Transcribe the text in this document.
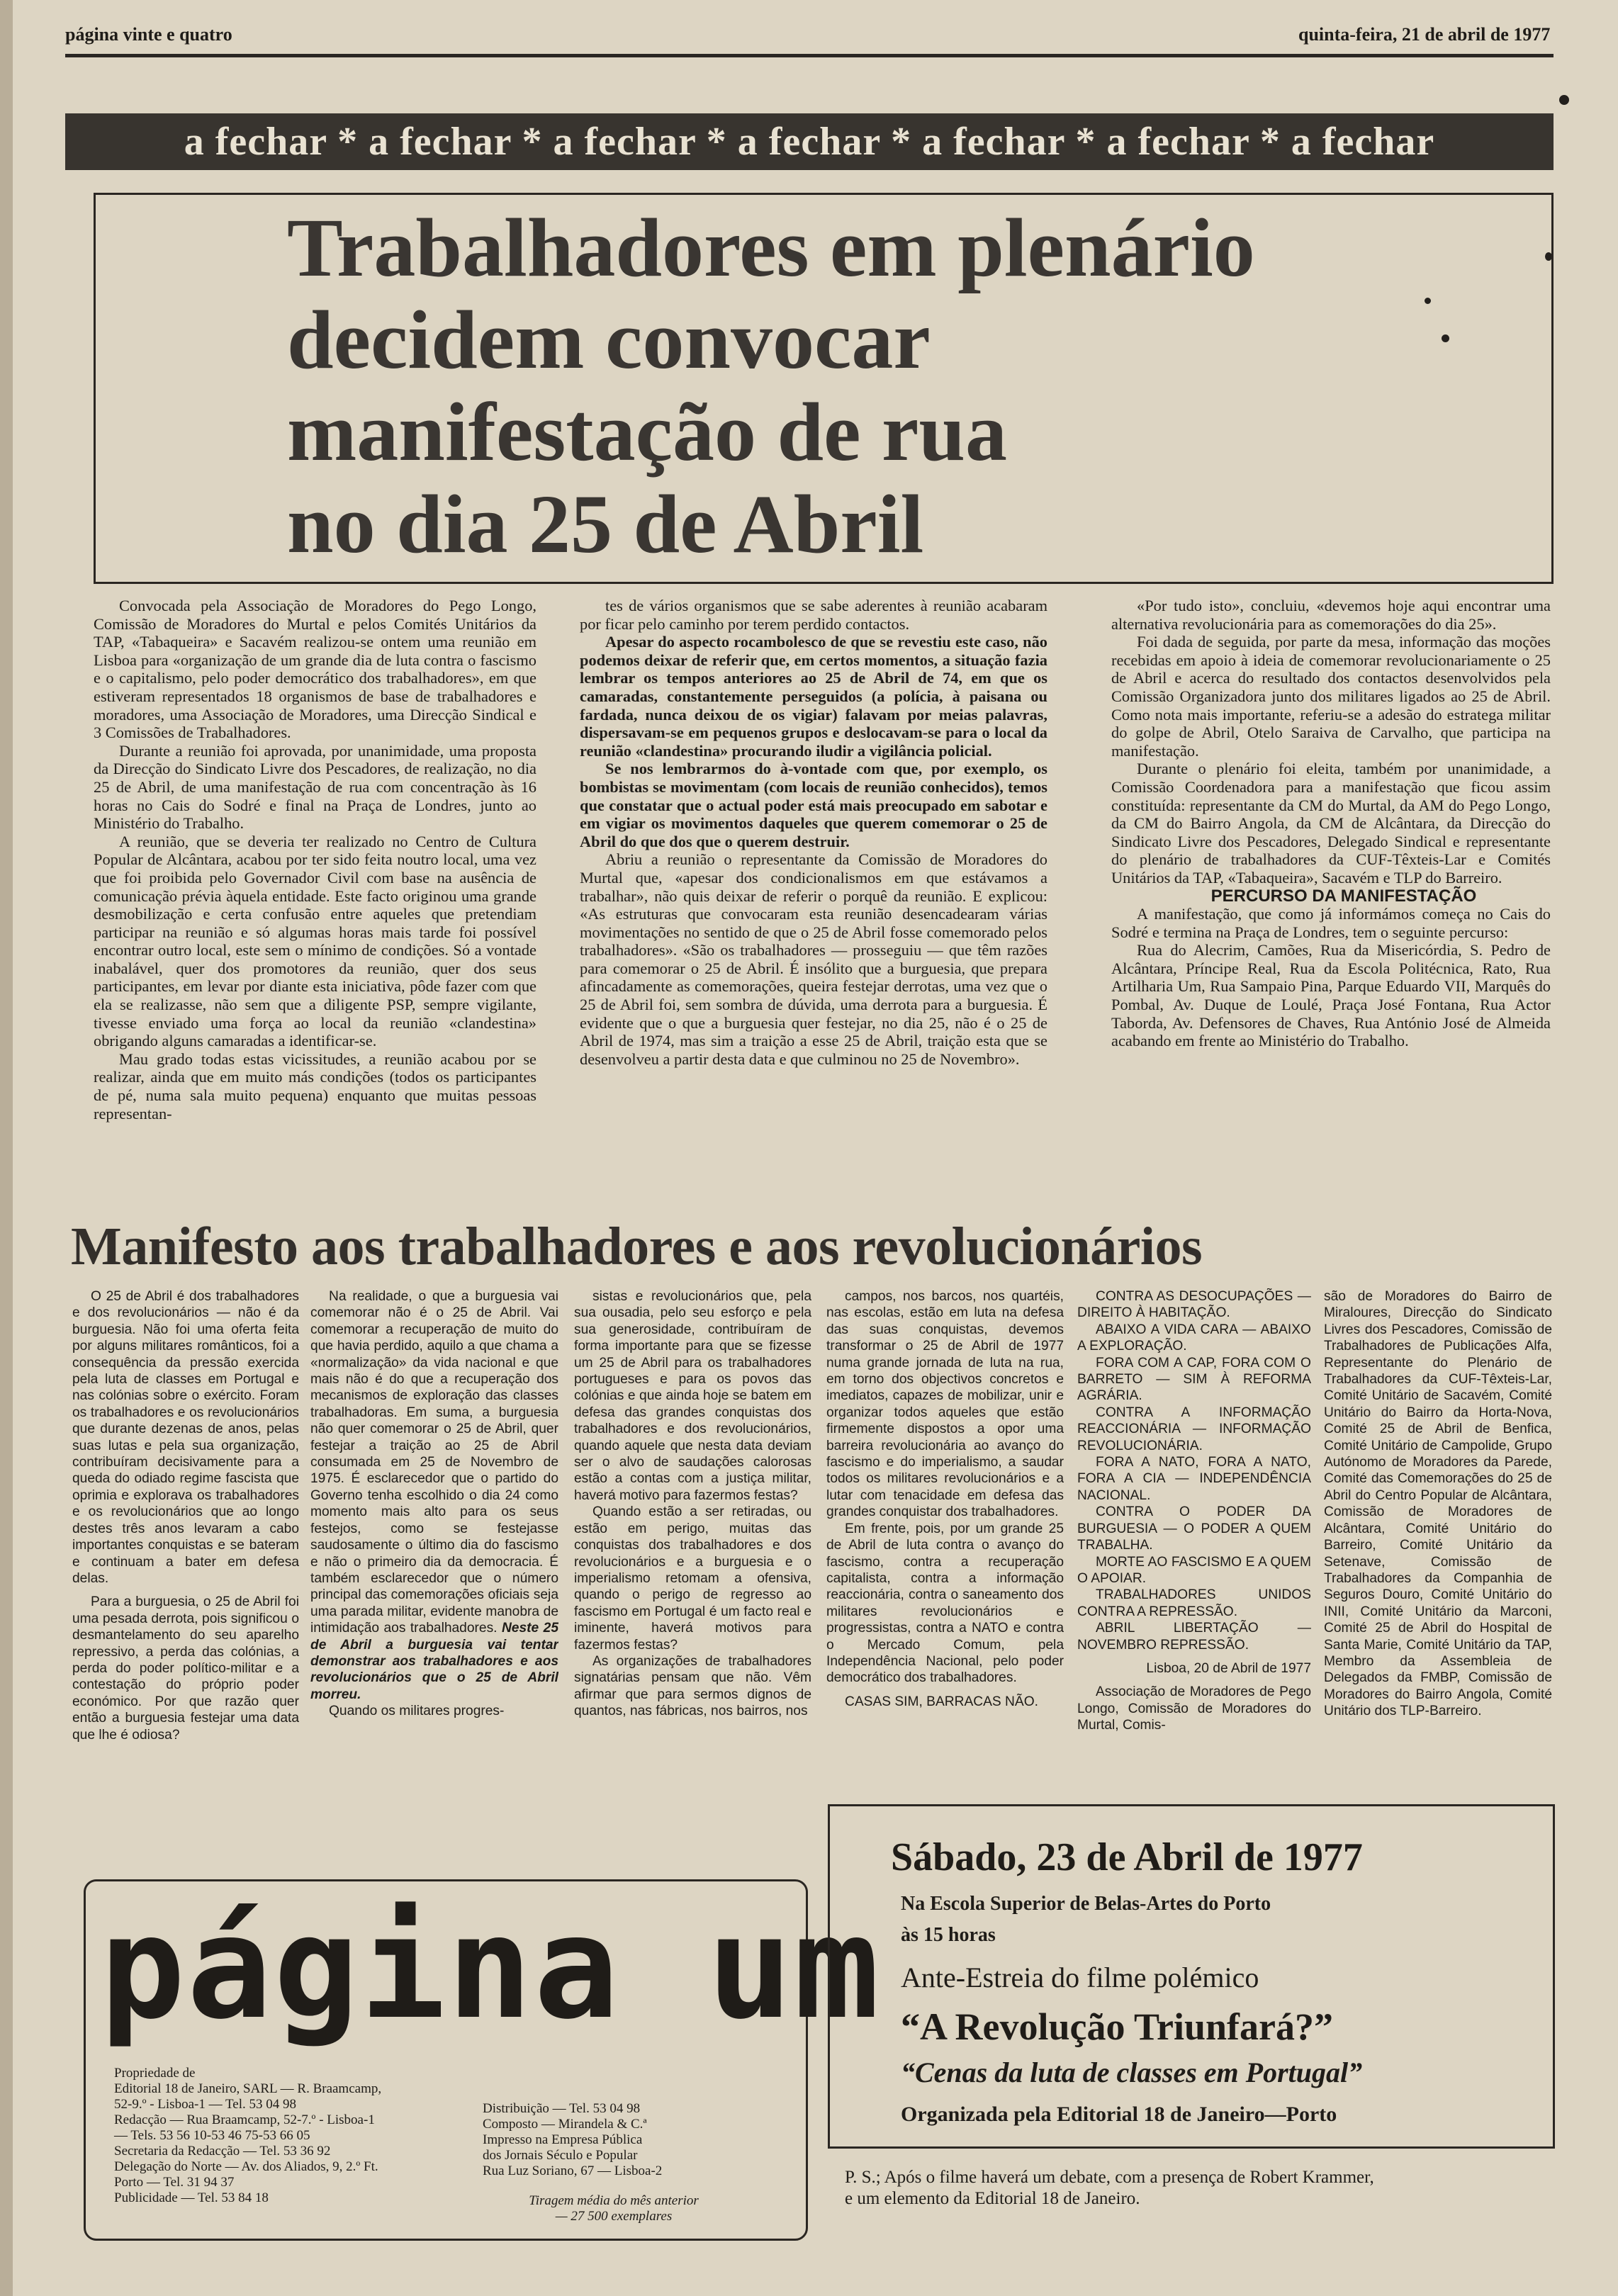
página vinte e quatro	quinta-feira, 21 de abril de 1977
a fechar * a fechar * a fechar * a fechar * a fechar * a fechar * a fechar
Trabalhadores em plenário
decidem convocar
manifestação de rua
no dia 25 de Abril

Convocada pela Associação de Moradores do Pego Longo, Comissão de Moradores do Murtal e pelos Comités Unitários da TAP, «Tabaqueira» e Sacavém realizou-se ontem uma reunião em Lisboa para «organização de um grande dia de luta contra o fascismo e o capitalismo, pelo poder democrático dos trabalhadores», em que estiveram representados 18 organismos de base de trabalhadores e moradores, uma Associação de Moradores, uma Direcção Sindical e 3 Comissões de Trabalhadores.

Durante a reunião foi aprovada, por unanimidade, uma proposta da Direcção do Sindicato Livre dos Pescadores, de realização, no dia 25 de Abril, de uma manifestação de rua com concentração às 16 horas no Cais do Sodré e final na Praça de Londres, junto ao Ministério do Trabalho.

A reunião, que se deveria ter realizado no Centro de Cultura Popular de Alcântara, acabou por ter sido feita noutro local, uma vez que foi proibida pelo Governador Civil com base na ausência de comunicação prévia àquela entidade. Este facto originou uma grande desmobilização e certa confusão entre aqueles que pretendiam participar na reunião e só algumas horas mais tarde foi possível encontrar outro local, este sem o mínimo de condições. Só a vontade inabalável, quer dos promotores da reunião, quer dos seus participantes, em levar por diante esta iniciativa, pôde fazer com que ela se realizasse, não sem que a diligente PSP, sempre vigilante, tivesse enviado uma força ao local da reunião «clandestina» obrigando alguns camaradas a identificar-se.

Mau grado todas estas vicissitudes, a reunião acabou por se realizar, ainda que em muito más condições (todos os participantes de pé, numa sala muito pequena) enquanto que muitas pessoas representan-

tes de vários organismos que se sabe aderentes à reunião acabaram por ficar pelo caminho por terem perdido contactos.

Apesar do aspecto rocambolesco de que se revestiu este caso, não podemos deixar de referir que, em certos momentos, a situação fazia lembrar os tempos anteriores ao 25 de Abril de 74, em que os camaradas, constantemente perseguidos (a polícia, à paisana ou fardada, nunca deixou de os vigiar) falavam por meias palavras, dispersavam-se em pequenos grupos e deslocavam-se para o local da reunião «clandestina» procurando iludir a vigilância policial.

Se nos lembrarmos do à-vontade com que, por exemplo, os bombistas se movimentam (com locais de reunião conhecidos), temos que constatar que o actual poder está mais preocupado em sabotar e em vigiar os movimentos daqueles que querem comemorar o 25 de Abril do que dos que o querem destruir.

Abriu a reunião o representante da Comissão de Moradores do Murtal que, «apesar dos condicionalismos em que estávamos a trabalhar», não quis deixar de referir o porquê da reunião. E explicou: «As estruturas que convocaram esta reunião desencadearam várias movimentações no sentido de que o 25 de Abril fosse comemorado pelos trabalhadores». «São os trabalhadores — prosseguiu — que têm razões para comemorar o 25 de Abril. É insólito que a burguesia, que prepara afincadamente as comemorações, queira festejar derrotas, uma vez que o 25 de Abril foi, sem sombra de dúvida, uma derrota para a burguesia. É evidente que o que a burguesia quer festejar, no dia 25, não é o 25 de Abril de 1974, mas sim a traição a esse 25 de Abril, traição esta que se desenvolveu a partir desta data e que culminou no 25 de Novembro».

«Por tudo isto», concluiu, «devemos hoje aqui encontrar uma alternativa revolucionária para as comemorações do dia 25».

Foi dada de seguida, por parte da mesa, informação das moções recebidas em apoio à ideia de comemorar revolucionariamente o 25 de Abril e acerca do resultado dos contactos desenvolvidos pela Comissão Organizadora junto dos militares ligados ao 25 de Abril. Como nota mais importante, referiu-se a adesão do estratega militar do golpe de Abril, Otelo Saraiva de Carvalho, que participa na manifestação.

Durante o plenário foi eleita, também por unanimidade, a Comissão Coordenadora para a manifestação que ficou assim constituída: representante da CM do Murtal, da AM do Pego Longo, da CM do Bairro Angola, da CM de Alcântara, da Direcção do Sindicato Livre dos Pescadores, Delegado Sindical e representante do plenário de trabalhadores da CUF-Têxteis-Lar e Comités Unitários da TAP, «Tabaqueira», Sacavém e TLP do Barreiro.

PERCURSO DA MANIFESTAÇÃO

A manifestação, que como já informámos começa no Cais do Sodré e termina na Praça de Londres, tem o seguinte percurso:

Rua do Alecrim, Camões, Rua da Misericórdia, S. Pedro de Alcântara, Príncipe Real, Rua da Escola Politécnica, Rato, Rua Artilharia Um, Rua Sampaio Pina, Parque Eduardo VII, Marquês do Pombal, Av. Duque de Loulé, Praça José Fontana, Rua Actor Taborda, Av. Defensores de Chaves, Rua António José de Almeida acabando em frente ao Ministério do Trabalho.

Manifesto aos trabalhadores e aos revolucionários

O 25 de Abril é dos trabalhadores e dos revolucionários — não é da burguesia. Não foi uma oferta feita por alguns militares românticos, foi a consequência da pressão exercida pela luta de classes em Portugal e nas colónias sobre o exército. Foram os trabalhadores e os revolucionários que durante dezenas de anos, pelas suas lutas e pela sua organização, contribuíram decisivamente para a queda do odiado regime fascista que oprimia e explorava os trabalhadores e os revolucionários que ao longo destes três anos levaram a cabo importantes conquistas e se bateram e continuam a bater em defesa delas.

Para a burguesia, o 25 de Abril foi uma pesada derrota, pois significou o desmantelamento do seu aparelho repressivo, a perda das colónias, a perda do poder político-militar e a contestação do próprio poder económico. Por que razão quer então a burguesia festejar uma data que lhe é odiosa?

Na realidade, o que a burguesia vai comemorar não é o 25 de Abril. Vai comemorar a recuperação de muito do que havia perdido, aquilo a que chama a «normalização» da vida nacional e que mais não é do que a recuperação dos mecanismos de exploração das classes trabalhadoras. Em suma, a burguesia não quer comemorar o 25 de Abril, quer festejar a traição ao 25 de Abril consumada em 25 de Novembro de 1975. É esclarecedor que o partido do Governo tenha escolhido o dia 24 como momento mais alto para os seus festejos, como se festejasse saudosamente o último dia do fascismo e não o primeiro dia da democracia. É também esclarecedor que o número principal das comemorações oficiais seja uma parada militar, evidente manobra de intimidação aos trabalhadores. Neste 25 de Abril a burguesia vai tentar demonstrar aos trabalhadores e aos revolucionários que o 25 de Abril morreu.

Quando os militares progres-

sistas e revolucionários que, pela sua ousadia, pelo seu esforço e pela sua generosidade, contribuíram de forma importante para que se fizesse um 25 de Abril para os trabalhadores portugueses e para os povos das colónias e que ainda hoje se batem em defesa das grandes conquistas dos trabalhadores e dos revolucionários, quando aquele que nesta data deviam ser o alvo de saudações calorosas estão a contas com a justiça militar, haverá motivo para fazermos festas?

Quando estão a ser retiradas, ou estão em perigo, muitas das conquistas dos trabalhadores e dos revolucionários e a burguesia e o imperialismo retomam a ofensiva, quando o perigo de regresso ao fascismo em Portugal é um facto real e iminente, haverá motivos para fazermos festas?

As organizações de trabalhadores signatárias pensam que não. Vêm afirmar que para sermos dignos de quantos, nas fábricas, nos bairros, nos

campos, nos barcos, nos quartéis, nas escolas, estão em luta na defesa das suas conquistas, devemos transformar o 25 de Abril de 1977 numa grande jornada de luta na rua, em torno dos objectivos concretos e imediatos, capazes de mobilizar, unir e organizar todos aqueles que estão firmemente dispostos a opor uma barreira revolucionária ao avanço do fascismo e do imperialismo, a saudar todos os militares revolucionários e a lutar com tenacidade em defesa das grandes conquistar dos trabalhadores.

Em frente, pois, por um grande 25 de Abril de luta contra o avanço do fascismo, contra a recuperação capitalista, contra a informação reaccionária, contra o saneamento dos militares revolucionários e progressistas, contra a NATO e contra o Mercado Comum, pela Independência Nacional, pelo poder democrático dos trabalhadores.

CASAS SIM, BARRACAS NÃO.

CONTRA AS DESOCUPAÇÕES — DIREITO À HABITAÇÃO.

ABAIXO A VIDA CARA — ABAIXO A EXPLORAÇÃO.

FORA COM A CAP, FORA COM O BARRETO — SIM À REFORMA AGRÁRIA.

CONTRA A INFORMAÇÃO REACCIONÁRIA — INFORMAÇÃO REVOLUCIONÁRIA.

FORA A NATO, FORA A NATO, FORA A CIA — INDEPENDÊNCIA NACIONAL.

CONTRA O PODER DA BURGUESIA — O PODER A QUEM TRABALHA.

MORTE AO FASCISMO E A QUEM O APOIAR.

TRABALHADORES UNIDOS CONTRA A REPRESSÃO.

ABRIL LIBERTAÇÃO — NOVEMBRO REPRESSÃO.

Lisboa, 20 de Abril de 1977

Associação de Moradores de Pego Longo, Comissão de Moradores do Murtal, Comis-

são de Moradores do Bairro de Miraloures, Direcção do Sindicato Livres dos Pescadores, Comissão de Trabalhadores de Publicações Alfa, Representante do Plenário de Trabalhadores da CUF-Têxteis-Lar, Comité Unitário de Sacavém, Comité Unitário do Bairro da Horta-Nova, Comité 25 de Abril de Benfica, Comité Unitário de Campolide, Grupo Autónomo de Moradores da Parede, Comité das Comemorações do 25 de Abril do Centro Popular de Alcântara, Comissão de Moradores de Alcântara, Comité Unitário do Barreiro, Comité Unitário da Setenave, Comissão de Trabalhadores da Companhia de Seguros Douro, Comité Unitário do INII, Comité Unitário da Marconi, Comité 25 de Abril do Hospital de Santa Marie, Comité Unitário da TAP, Membro da Assembleia de Delegados da FMBP, Comissão de Moradores do Bairro Angola, Comité Unitário dos TLP-Barreiro.

página um
Propriedade de
Editorial 18 de Janeiro, SARL — R. Braamcamp,
52-9.º - Lisboa-1 — Tel. 53 04 98
Redacção — Rua Braamcamp, 52-7.º - Lisboa-1
— Tels. 53 56 10-53 46 75-53 66 05
Secretaria da Redacção — Tel. 53 36 92
Delegação do Norte — Av. dos Aliados, 9, 2.º Ft.
Porto — Tel. 31 94 37
Publicidade — Tel. 53 84 18
Distribuição — Tel. 53 04 98
Composto — Mirandela & C.ª
Impresso na Empresa Pública
dos Jornais Século e Popular
Rua Luz Soriano, 67 — Lisboa-2
Tiragem média do mês anterior
— 27 500 exemplares
Sábado, 23 de Abril de 1977
Na Escola Superior de Belas-Artes do Porto
às 15 horas
Ante-Estreia do filme polémico
“A Revolução Triunfará?”
“Cenas da luta de classes em Portugal”
Organizada pela Editorial 18 de Janeiro—Porto
P. S.; Após o filme haverá um debate, com a presença de Robert Krammer,
e um elemento da Editorial 18 de Janeiro.
